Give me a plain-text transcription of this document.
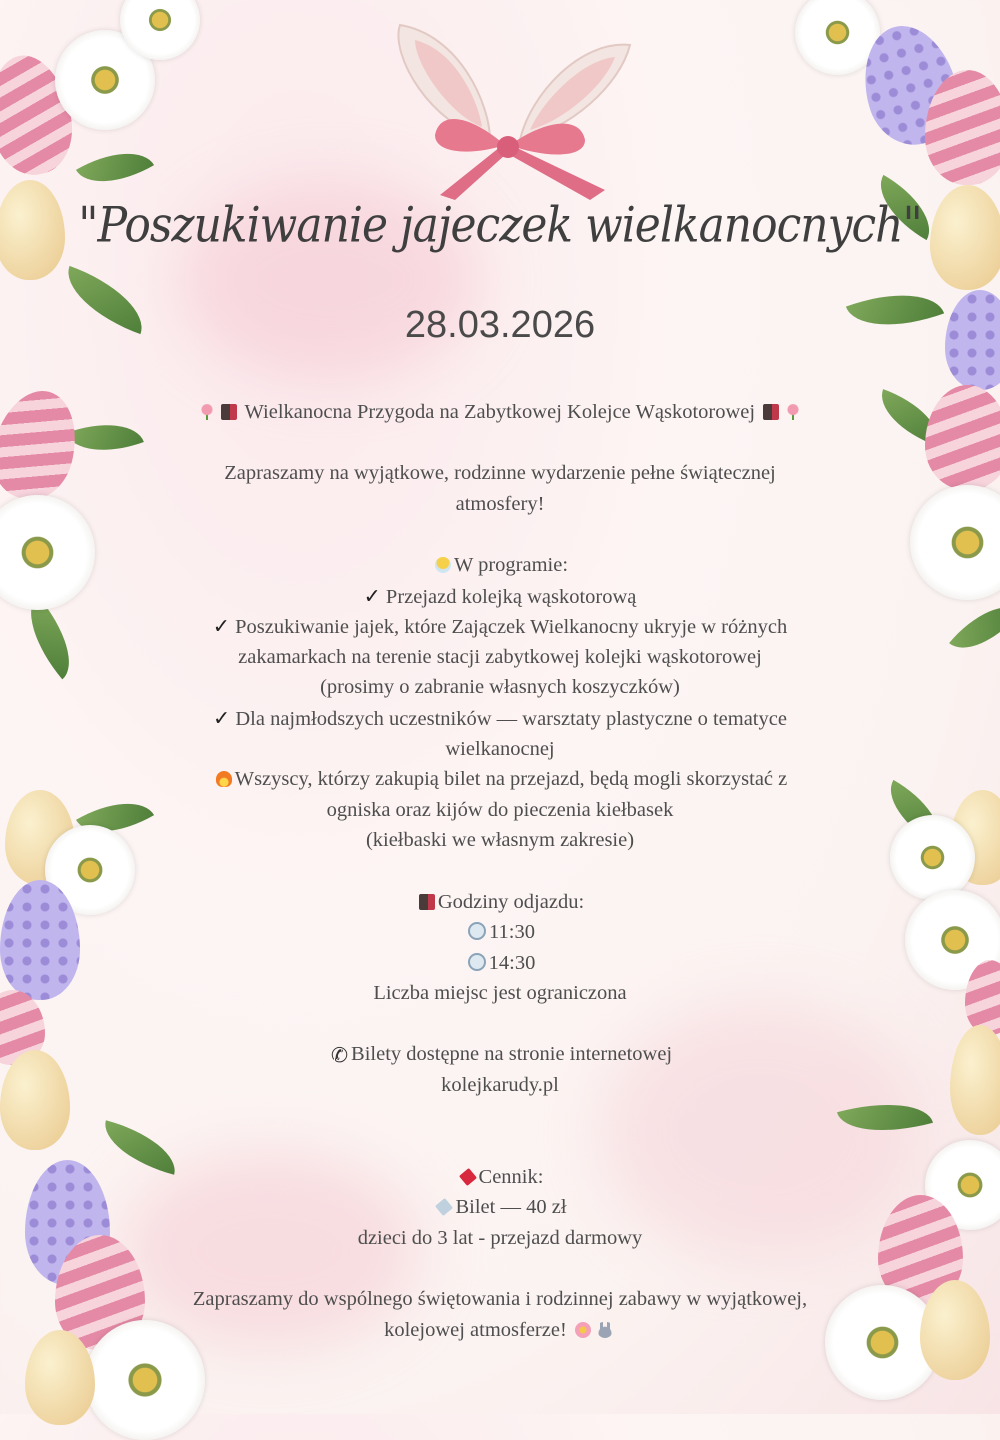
"Poszukiwanie jajeczek wielkanocnych"
28.03.2026
Wielkanocna Przygoda na Zabytkowej Kolejce Wąskotorowej
Zapraszamy na wyjątkowe, rodzinne wydarzenie pełne świątecznej
atmosfery!
W programie:
✓ Przejazd kolejką wąskotorową
✓ Poszukiwanie jajek, które Zajączek Wielkanocny ukryje w różnych
zakamarkach na terenie stacji zabytkowej kolejki wąskotorowej
(prosimy o zabranie własnych koszyczków)
✓ Dla najmłodszych uczestników — warsztaty plastyczne o tematyce
wielkanocnej
Wszyscy, którzy zakupią bilet na przejazd, będą mogli skorzystać z
ogniska oraz kijów do pieczenia kiełbasek
(kiełbaski we własnym zakresie)
Godziny odjazdu:
11:30
14:30
Liczba miejsc jest ograniczona
✆ Bilety dostępne na stronie internetowej
kolejkarudy.pl
Cennik:
Bilet — 40 zł
dzieci do 3 lat - przejazd darmowy
Zapraszamy do wspólnego świętowania i rodzinnej zabawy w wyjątkowej,
kolejowej atmosferze!
